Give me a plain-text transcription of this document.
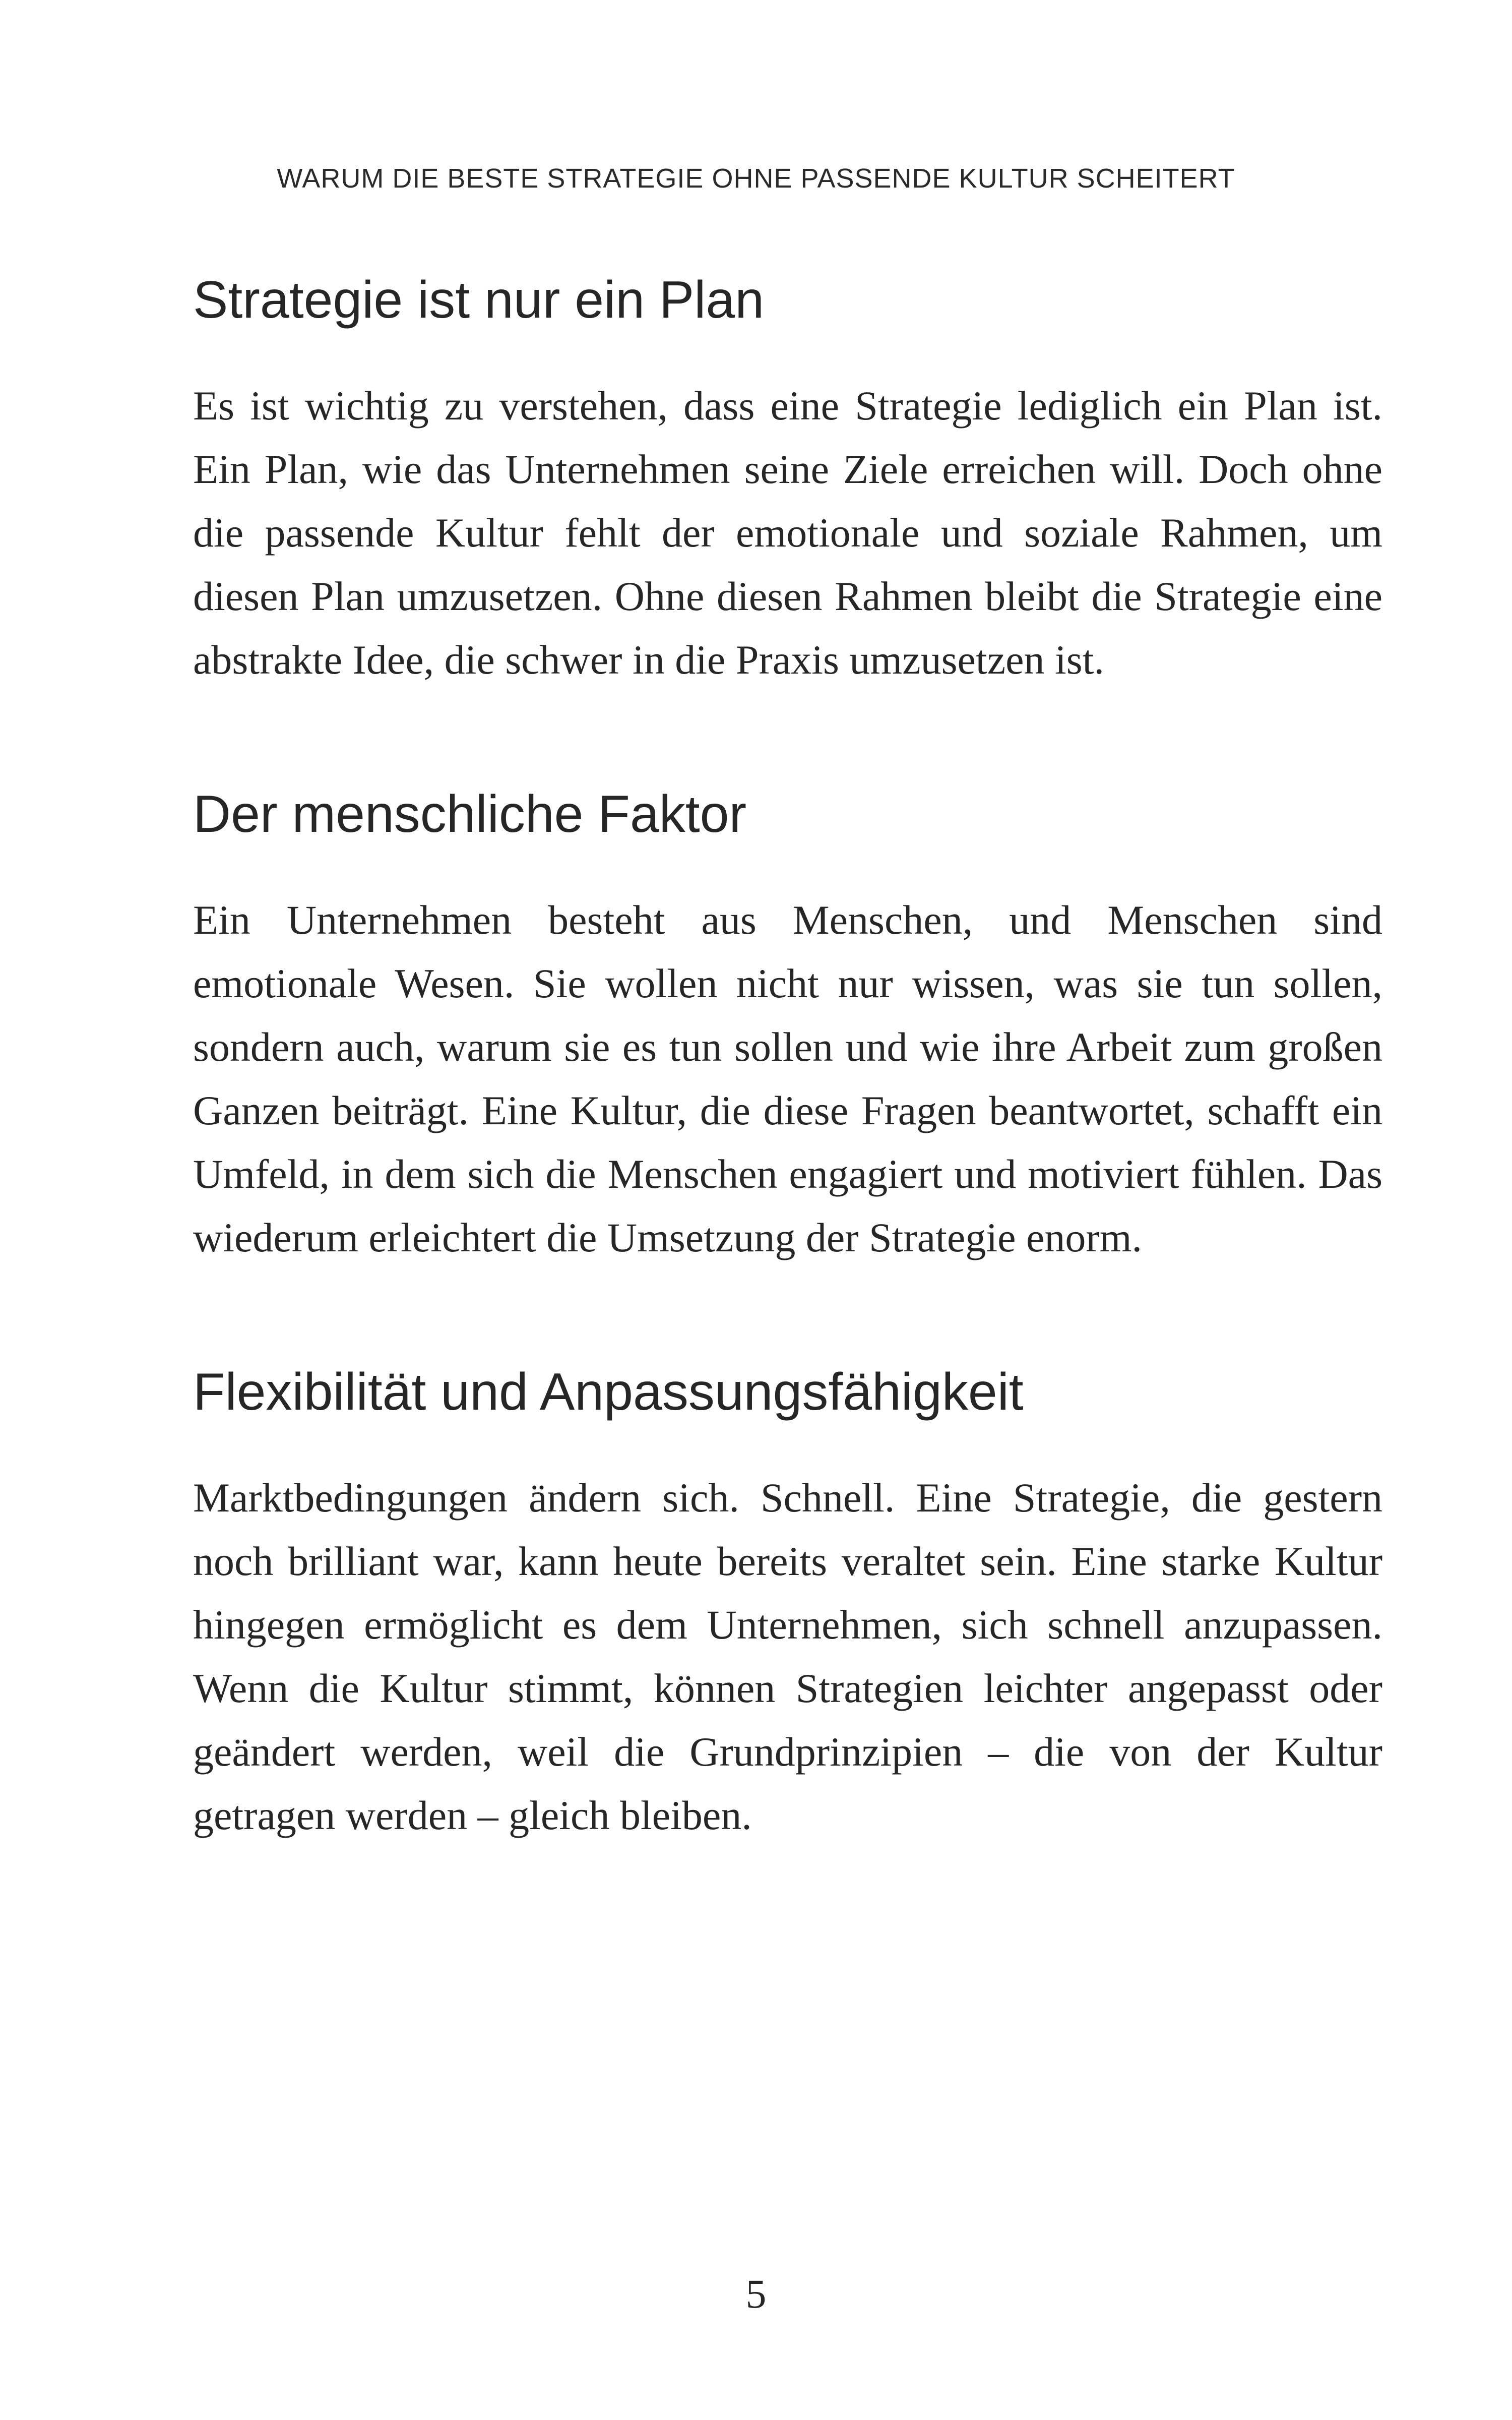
WARUM DIE BESTE STRATEGIE OHNE PASSENDE KULTUR SCHEITERT
Strategie ist nur ein Plan

Es ist wichtig zu verstehen, dass eine Strategie lediglich ein Plan ist. Ein Plan, wie das Unternehmen seine Ziele erreichen will. Doch ohne die passende Kultur fehlt der emotionale und soziale Rahmen, um diesen Plan umzusetzen. Ohne diesen Rahmen bleibt die Strategie eine abstrakte Idee, die schwer in die Praxis umzusetzen ist.

Der menschliche Faktor

Ein Unternehmen besteht aus Menschen, und Menschen sind emotionale Wesen. Sie wollen nicht nur wissen, was sie tun sollen, sondern auch, warum sie es tun sollen und wie ihre Arbeit zum großen Ganzen beiträgt. Eine Kultur, die diese Fragen beantwortet, schafft ein Umfeld, in dem sich die Menschen engagiert und motiviert fühlen. Das wiederum erleichtert die Umsetzung der Strategie enorm.

Flexibilität und Anpassungsfähigkeit

Marktbedingungen ändern sich. Schnell. Eine Strategie, die gestern noch brilliant war, kann heute bereits veraltet sein. Eine starke Kultur hingegen ermöglicht es dem Unternehmen, sich schnell anzupassen. Wenn die Kultur stimmt, können Strategien leichter angepasst oder geändert werden, weil die Grundprinzipien – die von der Kultur getragen werden – gleich bleiben.

5
